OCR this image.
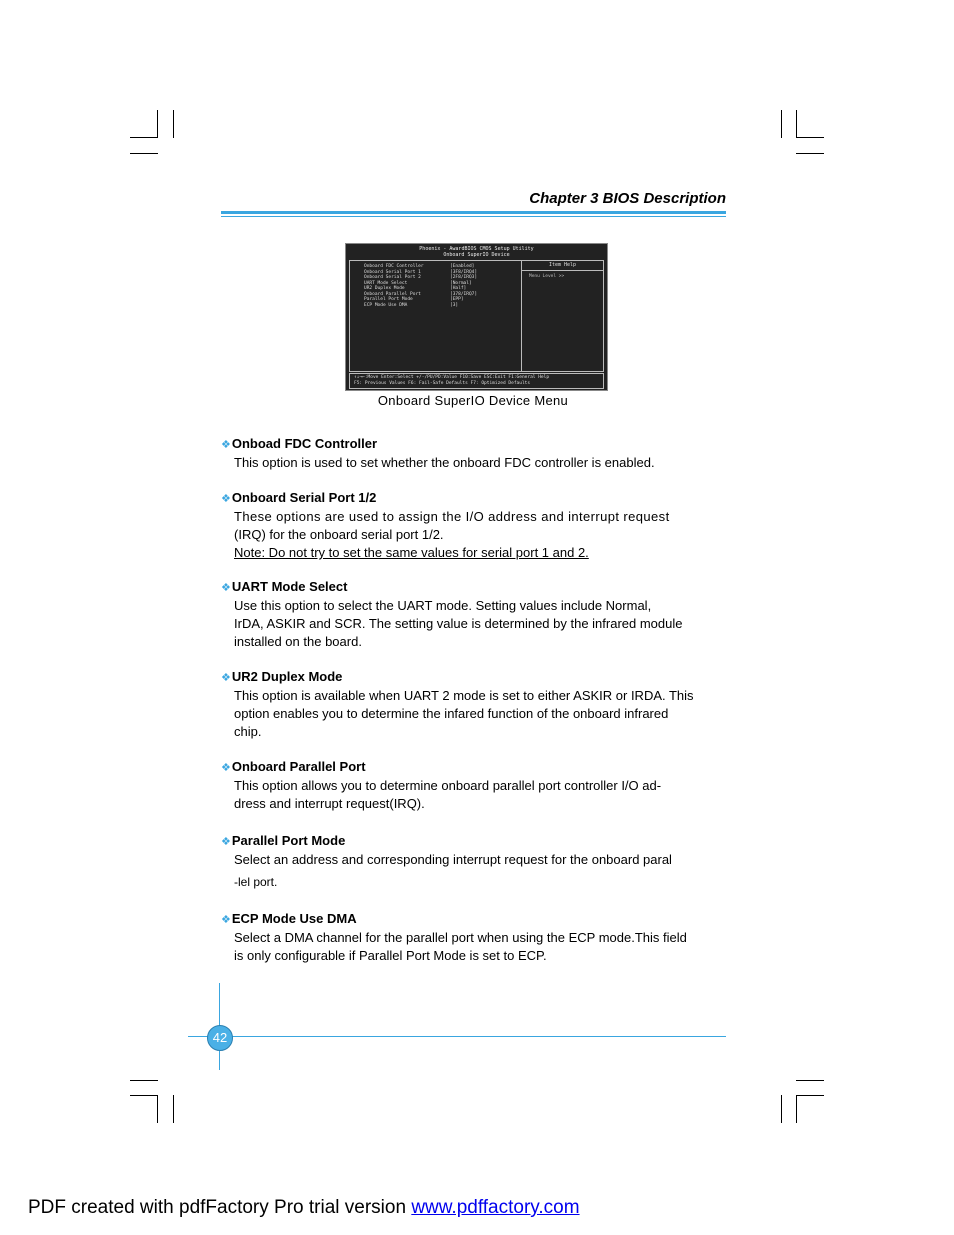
Chapter 3 BIOS Description
Phoenix - AwardBIOS CMOS Setup Utility
Onboard SuperIO Device
Item Help
Menu Level >>
Onboard FDC Controller
Onboard Serial Port 1
Onboard Serial Port 2
UART Mode Select
UR2 Duplex Mode
Onboard Parallel Port
Parallel Port Mode
ECP Mode Use DMA
[Enabled]
[3F8/IRQ4]
[2F8/IRQ3]
[Normal]
[Half]
[378/IRQ7]
[EPP]
[3]
↑↓→←:Move Enter:Select +/-/PU/PD:Value F10:Save ESC:Exit F1:General Help
F5: Previous Values F6: Fail-Safe Defaults F7: Optimized Defaults
Onboard SuperIO Device Menu
❖Onboad FDC Controller

This option is used to set whether the onboard FDC controller is enabled.

❖Onboard Serial Port 1/2

These options are used to assign the I/O address and interrupt request

(IRQ) for the onboard serial port 1/2.

Note: Do not try to set the same values for serial port 1 and 2.

❖UART Mode Select

Use this option to select the UART mode. Setting values include Normal,

IrDA, ASKIR and SCR. The setting value is determined by the infrared module

installed on the board.

❖UR2 Duplex Mode

This option is available when UART 2 mode is set to either ASKIR or IRDA. This

option enables you to determine the infared function of the onboard infrared

chip.

❖Onboard Parallel Port

This option allows you to determine onboard parallel port controller I/O ad-

dress and interrupt request(IRQ).

❖Parallel Port Mode

Select an address and corresponding interrupt request for the onboard paral

-lel port.

❖ECP Mode Use DMA

Select a DMA channel for the parallel port when using the ECP mode.This field

is only configurable if Parallel Port Mode is set to ECP.

42
PDF created with pdfFactory Pro trial version www.pdffactory.com
